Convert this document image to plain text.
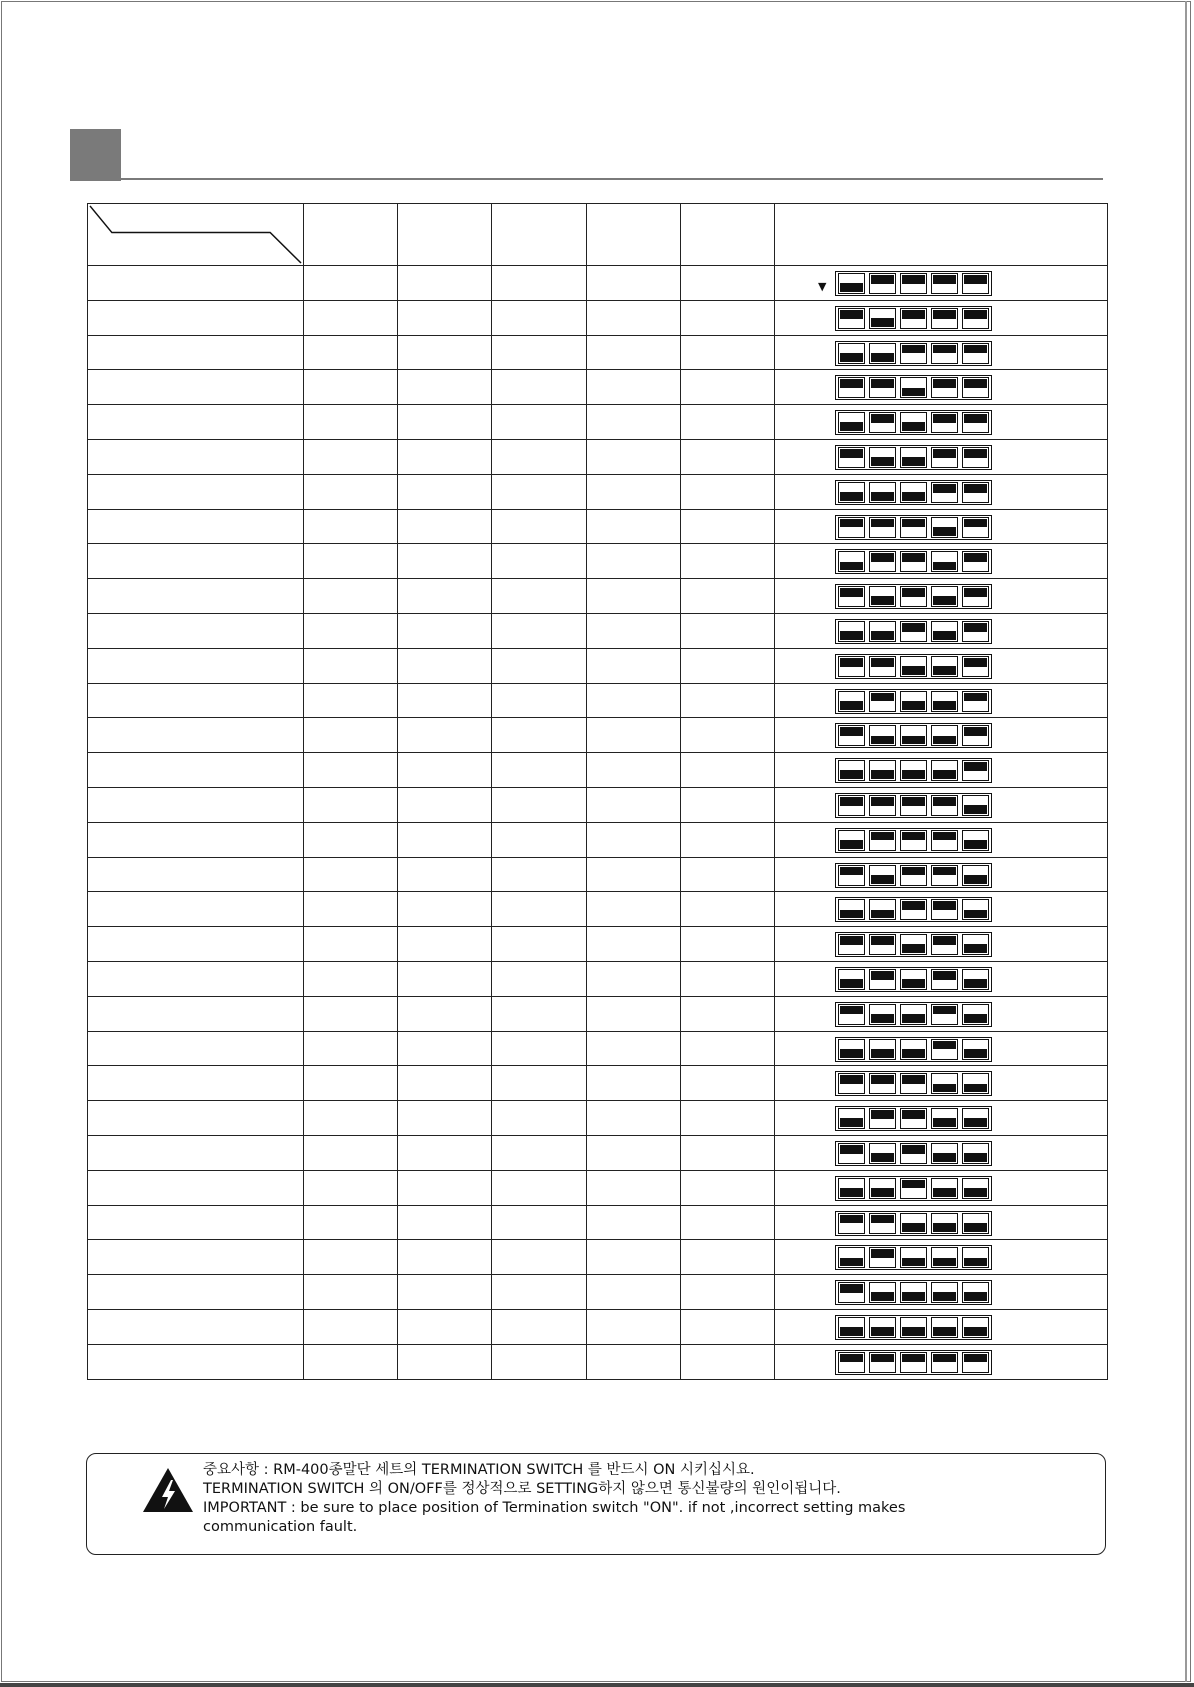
						▼

중요사항 : RM-400종말단 세트의 TERMINATION SWITCH 를 반드시 ON 시키십시요.
TERMINATION SWITCH 의 ON/OFF를 정상적으로 SETTING하지 않으면 통신불량의 원인이됩니다.
IMPORTANT : be sure to place position of Termination switch "ON". if not ,incorrect setting makes
communication fault.
